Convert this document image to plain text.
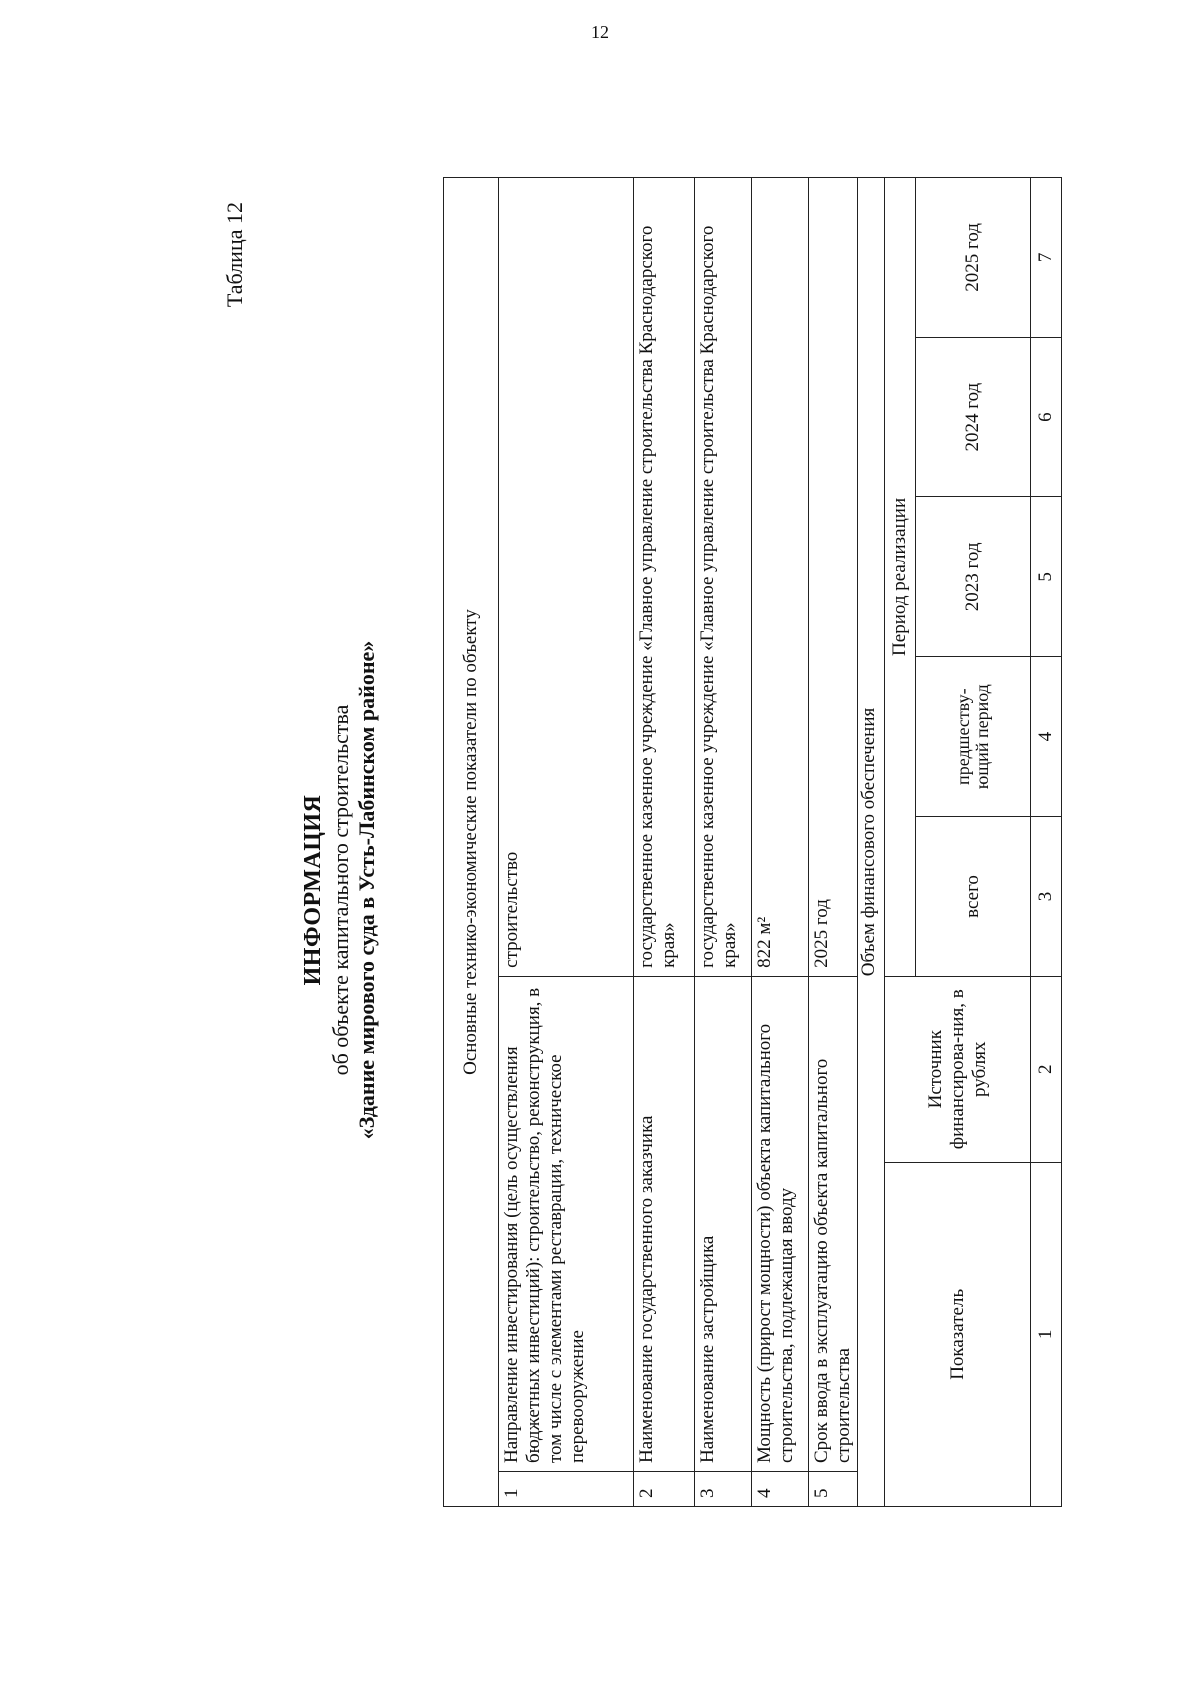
12
Таблица 12
ИНФОРМАЦИЯ об объекте капитального строительства «Здание мирового суда в Усть-Лабинском районе»	Основные технико-экономические показатели по объекту							
1	Направление инвестирования (цель осуществления бюджетных инвестиций): строительство, реконструкция, в том числе с элементами реставрации, техническое перевооружение		строительство				
2	Наименование государственного заказчика		государственное казенное учреждение «Главное управление строительства Краснодарского края»				
3	Наименование застройщика		государственное казенное учреждение «Главное управление строительства Краснодарского края»				
4	Мощность (прирост мощности) объекта капитального строительства, подлежащая вводу		822 м²				
5	Срок ввода в эксплуатацию объекта капитального строительства		2025 год				
Объем финансового обеспечения							
Показатель		Источник финансирова-ния, в рублях	Период реализации				
			всего	предшеству-ющий период	2023 год	2024 год	2025 год
1		2	3	4	5	6	7
